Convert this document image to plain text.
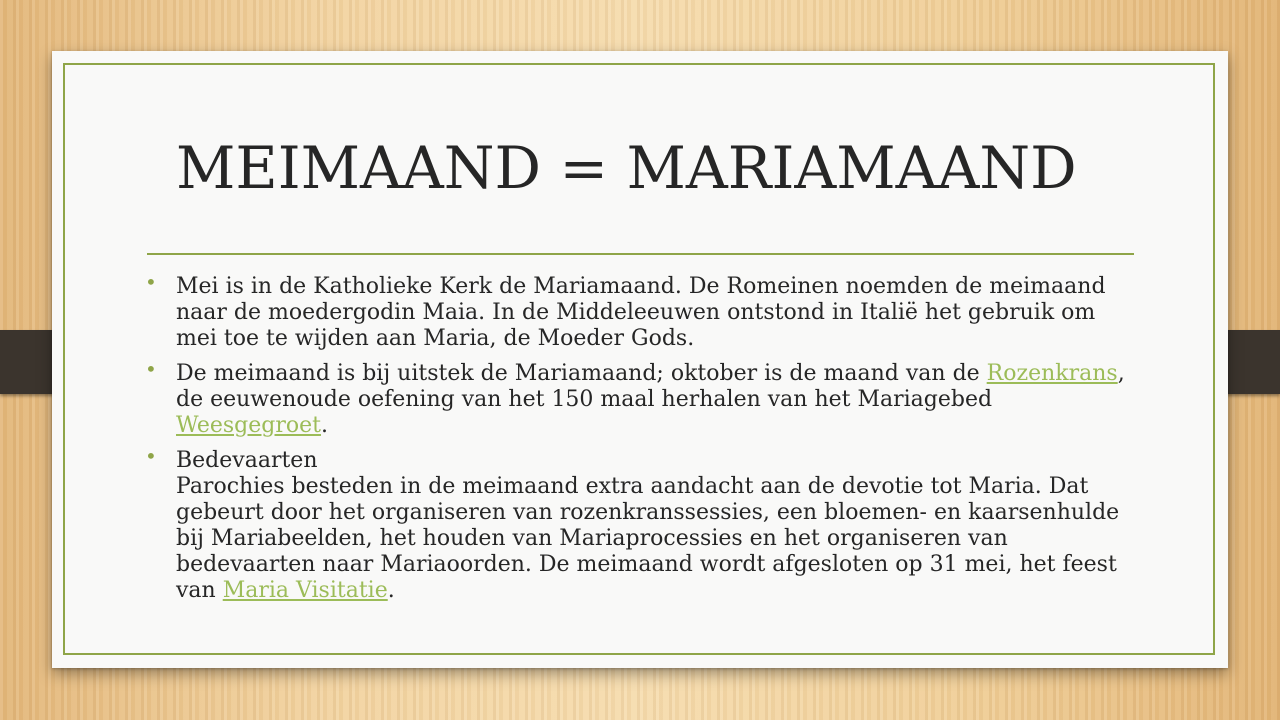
MEIMAAND = MARIAMAAND
• Mei is in de Katholieke Kerk de Mariamaand. De Romeinen noemden de meimaand naar de moedergodin Maia. In de Middeleeuwen ontstond in Italië het gebruik om mei toe te wijden aan Maria, de Moeder Gods.
• De meimaand is bij uitstek de Mariamaand; oktober is de maand van de Rozenkrans, de eeuwenoude oefening van het 150 maal herhalen van het Mariagebed Weesgegroet.
• Bedevaarten
Parochies besteden in de meimaand extra aandacht aan de devotie tot Maria. Dat gebeurt door het organiseren van rozenkranssessies, een bloemen- en kaarsenhulde bij Mariabeelden, het houden van Mariaprocessies en het organiseren van bedevaarten naar Mariaoorden. De meimaand wordt afgesloten op 31 mei, het feest van Maria Visitatie.
